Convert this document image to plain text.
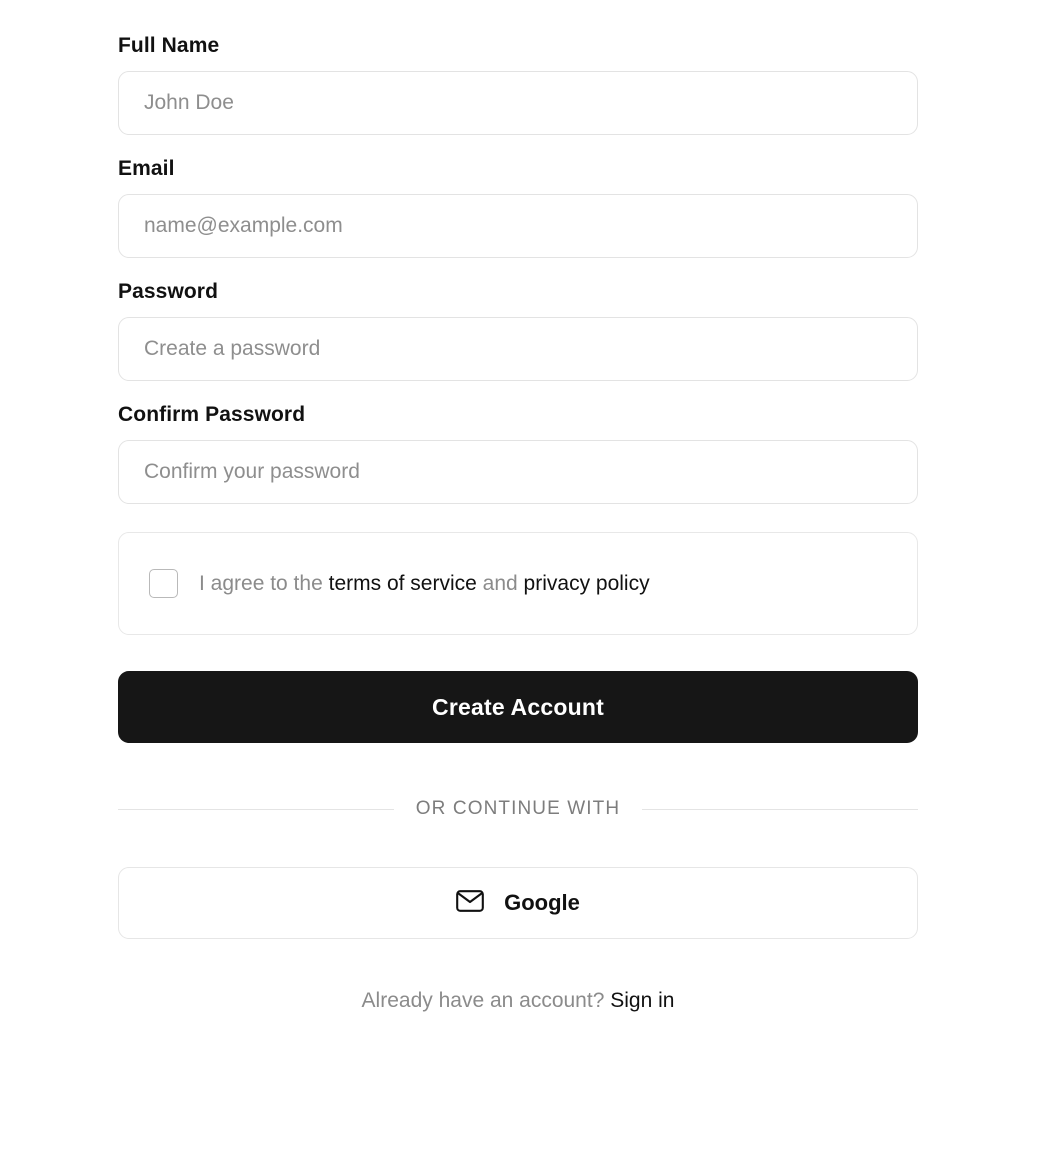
Full Name
John Doe
Email
name@example.com
Password
Create a password
Confirm Password
Confirm your password
I agree to the terms of service and privacy policy
Create Account
OR CONTINUE WITH
Google
Already have an account? Sign in
